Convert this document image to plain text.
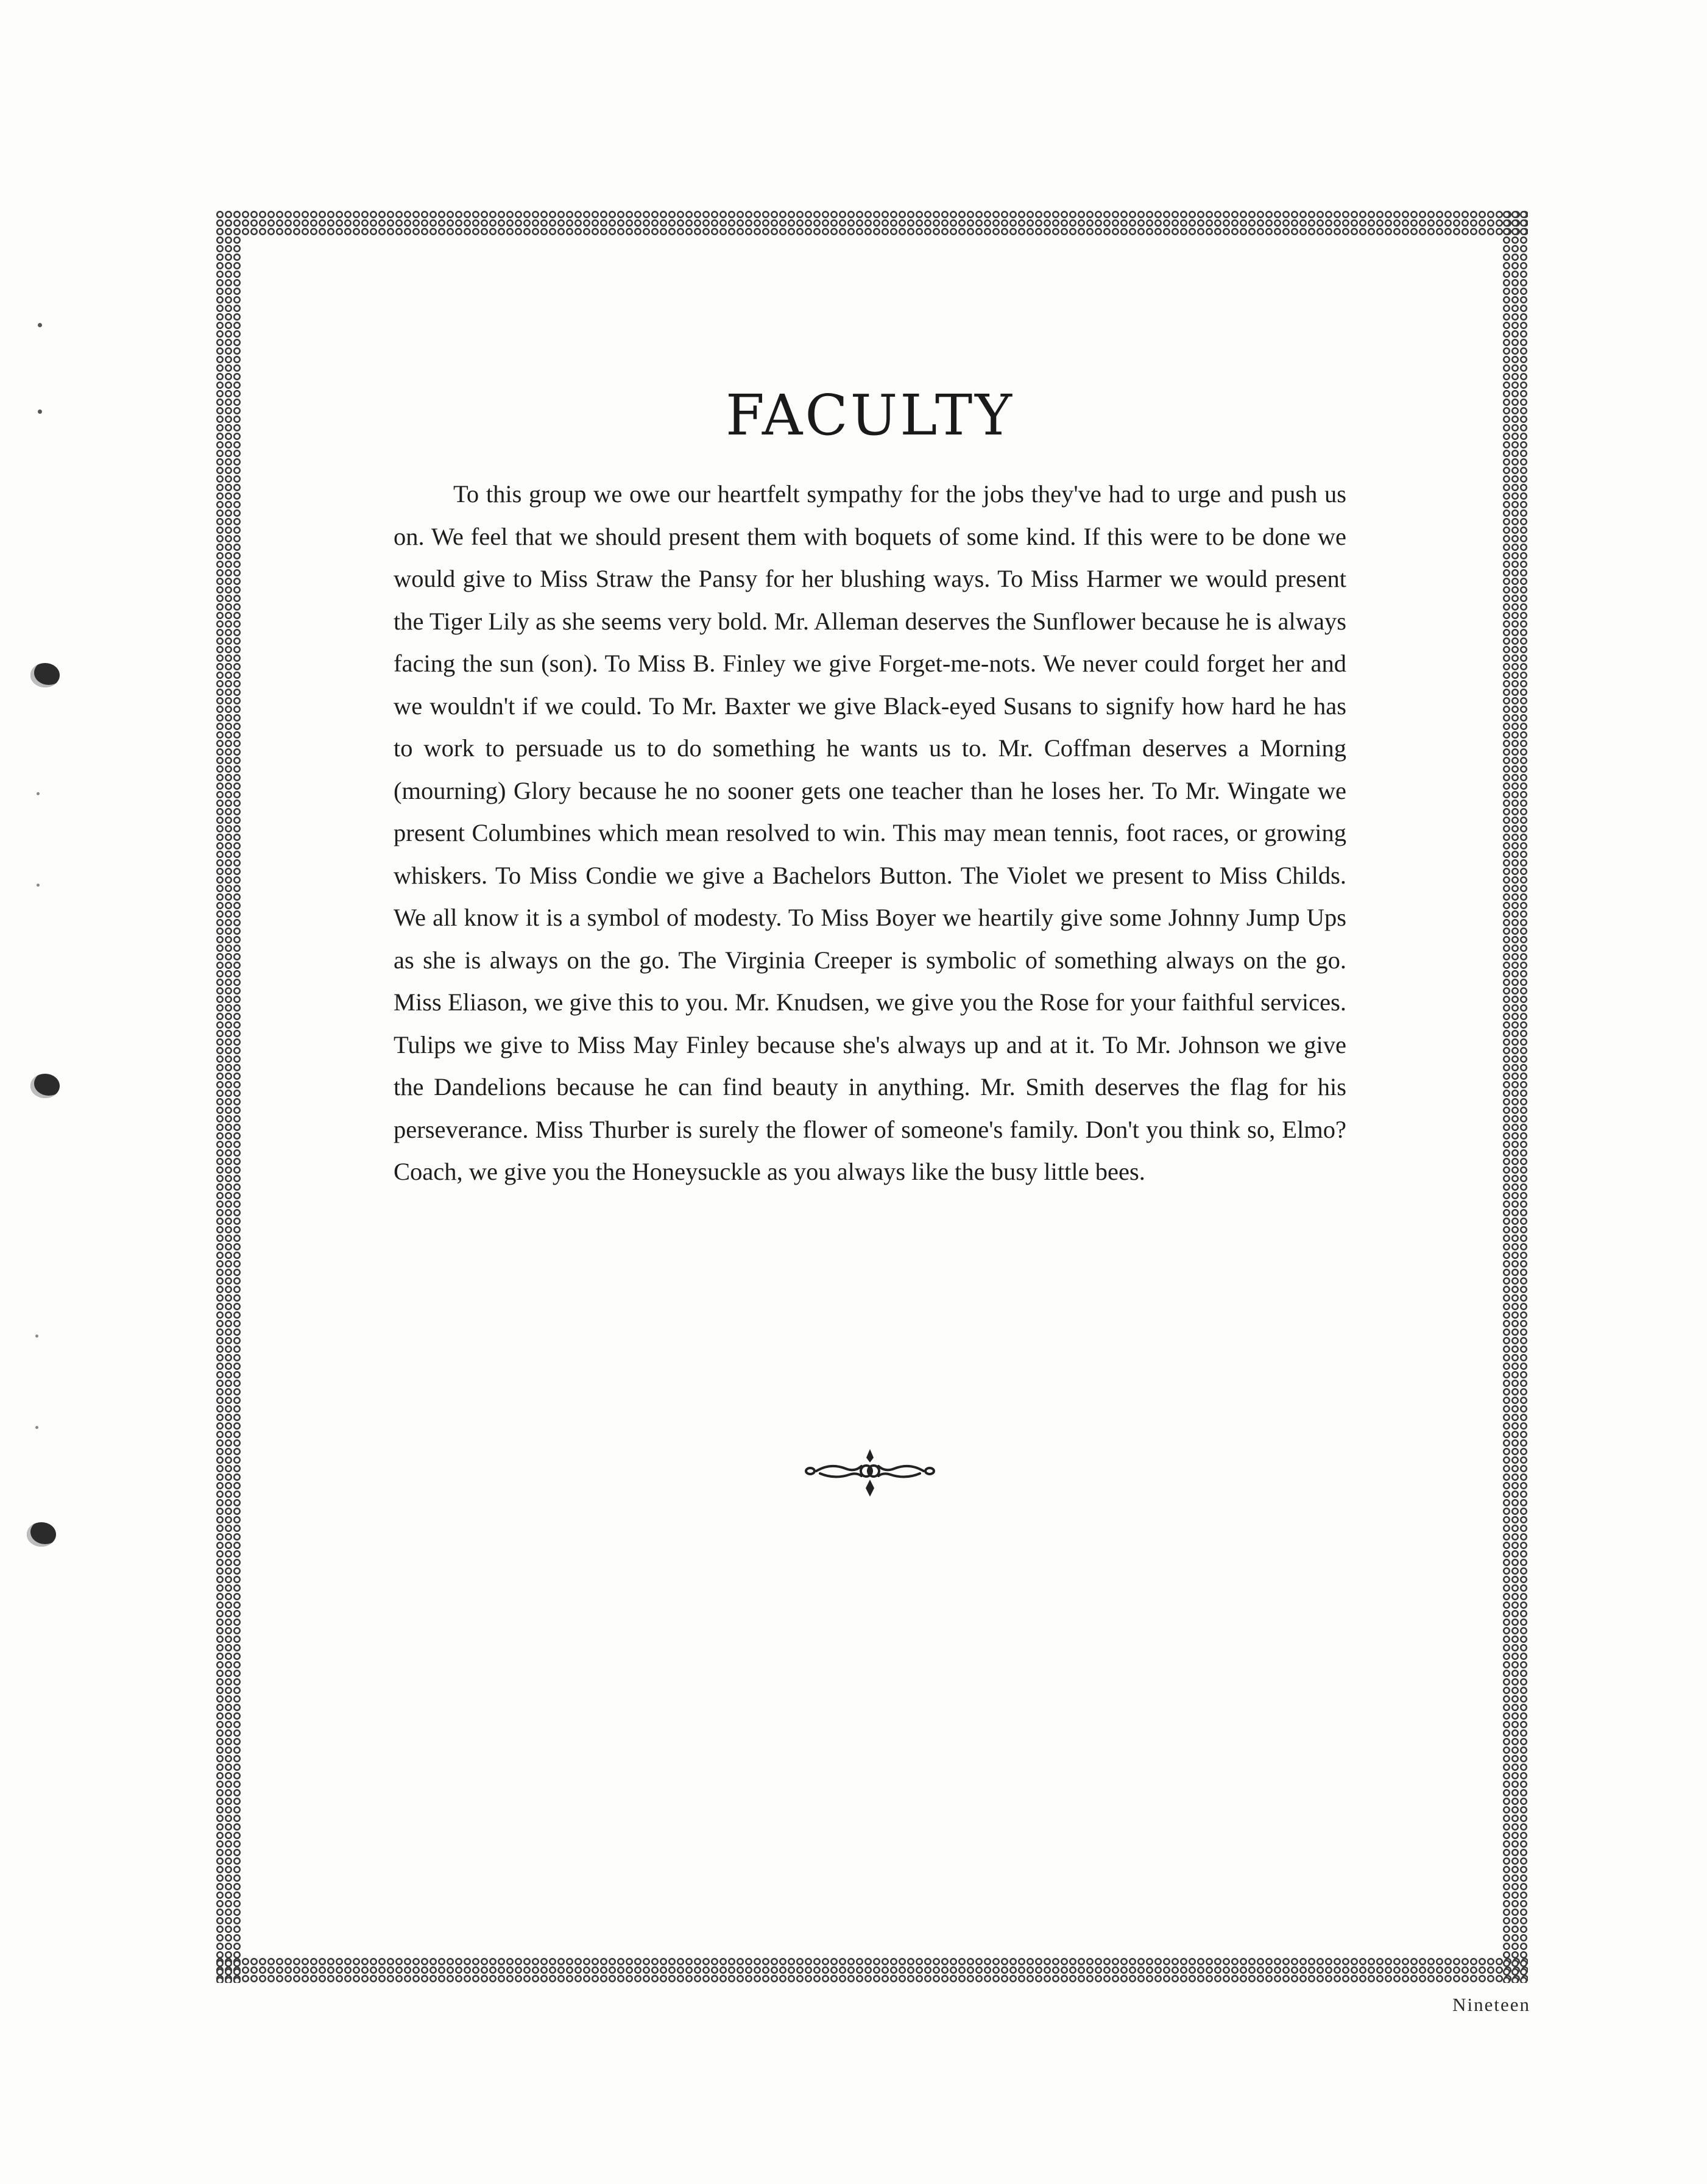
FACULTY

To this group we owe our heartfelt sympathy for the jobs they've had to urge and push us on. We feel that we should present them with boquets of some kind. If this were to be done we would give to Miss Straw the Pansy for her blushing ways. To Miss Harmer we would present the Tiger Lily as she seems very bold. Mr. Alleman deserves the Sunflower because he is always facing the sun (son). To Miss B. Finley we give Forget-me-nots. We never could forget her and we wouldn't if we could. To Mr. Baxter we give Black-eyed Susans to signify how hard he has to work to persuade us to do something he wants us to. Mr. Coffman deserves a Morning (mourning) Glory because he no sooner gets one teacher than he loses her. To Mr. Wingate we present Columbines which mean resolved to win. This may mean tennis, foot races, or growing whiskers. To Miss Condie we give a Bachelors Button. The Violet we present to Miss Childs. We all know it is a symbol of modesty. To Miss Boyer we heartily give some Johnny Jump Ups as she is always on the go. The Virginia Creeper is symbolic of something always on the go. Miss Eliason, we give this to you. Mr. Knudsen, we give you the Rose for your faithful services. Tulips we give to Miss May Finley because she's always up and at it. To Mr. Johnson we give the Dandelions because he can find beauty in anything. Mr. Smith deserves the flag for his perseverance. Miss Thurber is surely the flower of someone's family. Don't you think so, Elmo? Coach, we give you the Honeysuckle as you always like the busy little bees.

Nineteen
